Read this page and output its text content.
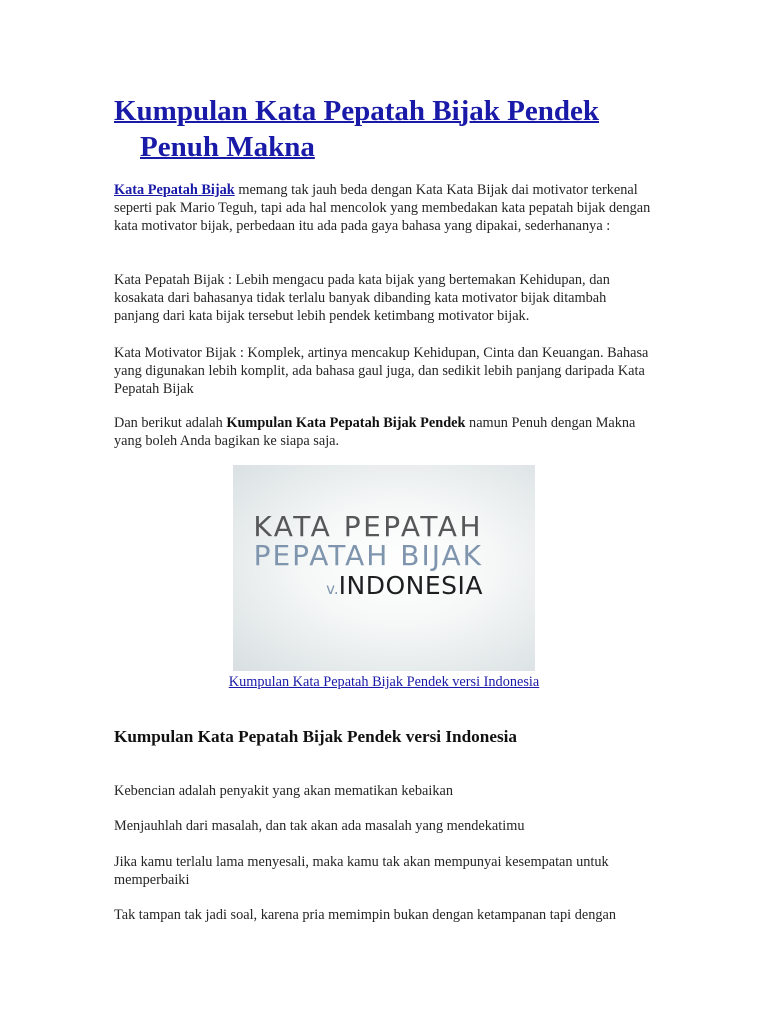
Kumpulan Kata Pepatah Bijak Pendek Penuh Makna

Kata Pepatah Bijak memang tak jauh beda dengan Kata Kata Bijak dai motivator terkenal seperti pak Mario Teguh, tapi ada hal mencolok yang membedakan kata pepatah bijak dengan kata motivator bijak, perbedaan itu ada pada gaya bahasa yang dipakai, sederhananya :

Kata Pepatah Bijak : Lebih mengacu pada kata bijak yang bertemakan Kehidupan, dan kosakata dari bahasanya tidak terlalu banyak dibanding kata motivator bijak ditambah panjang dari kata bijak tersebut lebih pendek ketimbang motivator bijak.

Kata Motivator Bijak : Komplek, artinya mencakup Kehidupan, Cinta dan Keuangan. Bahasa yang digunakan lebih komplit, ada bahasa gaul juga, dan sedikit lebih panjang daripada Kata Pepatah Bijak

Dan berikut adalah Kumpulan Kata Pepatah Bijak Pendek namun Penuh dengan Makna yang boleh Anda bagikan ke siapa saja.

KATA PEPATAH
PEPATAH BIJAK
v.INDONESIA

Kumpulan Kata Pepatah Bijak Pendek versi Indonesia

Kumpulan Kata Pepatah Bijak Pendek versi Indonesia

Kebencian adalah penyakit yang akan mematikan kebaikan

Menjauhlah dari masalah, dan tak akan ada masalah yang mendekatimu

Jika kamu terlalu lama menyesali, maka kamu tak akan mempunyai kesempatan untuk memperbaiki

Tak tampan tak jadi soal, karena pria memimpin bukan dengan ketampanan tapi dengan
